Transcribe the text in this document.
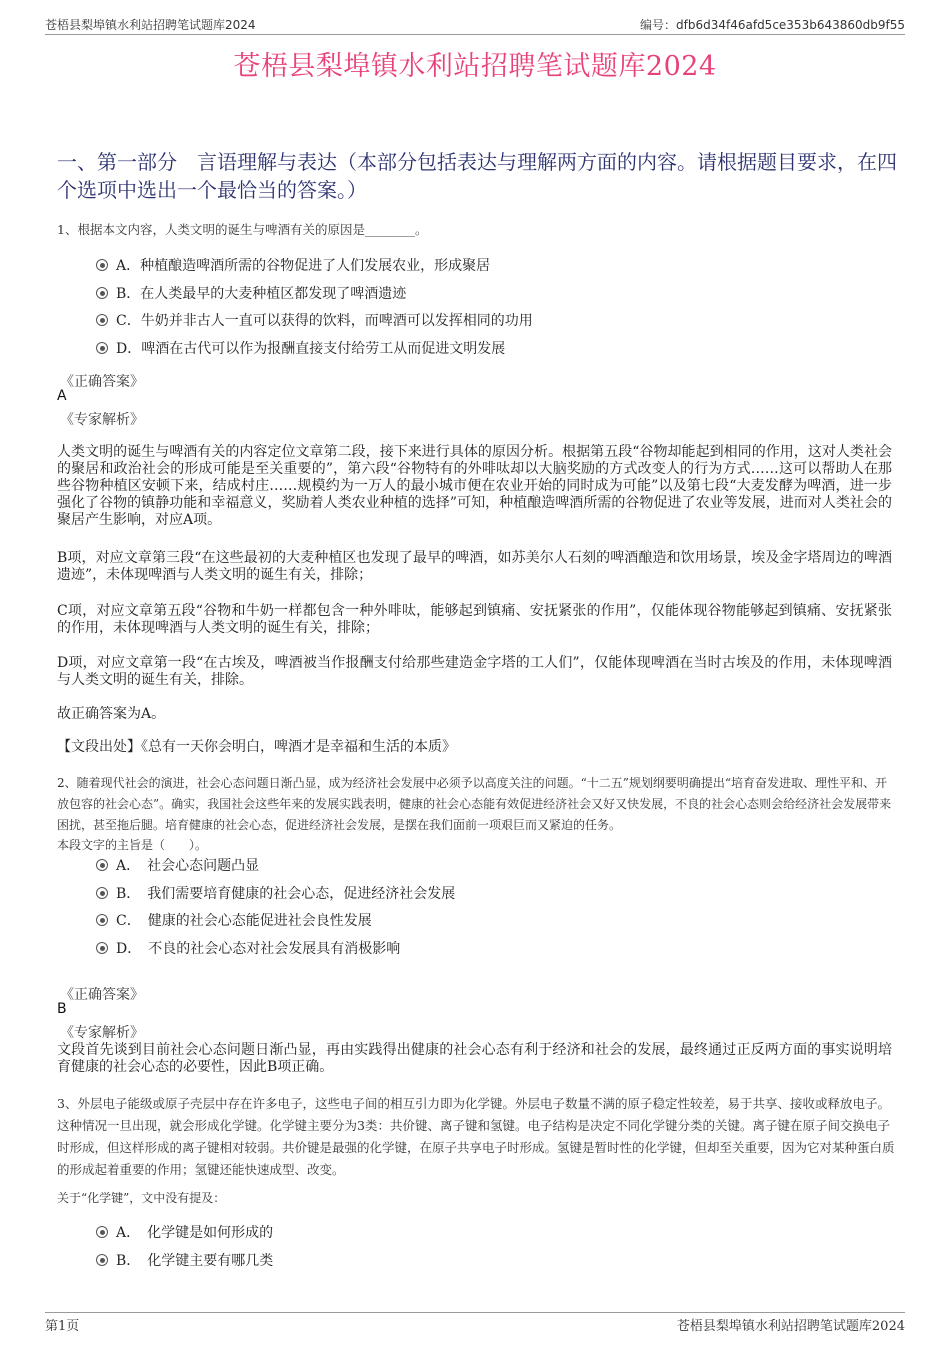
苍梧县梨埠镇水利站招聘笔试题库2024	编号：dfb6d34f46afd5ce353b643860db9f55
苍梧县梨埠镇水利站招聘笔试题库2024
一、第一部分　言语理解与表达（本部分包括表达与理解两方面的内容。请根据题目要求，在四个选项中选出一个最恰当的答案。）
1、根据本文内容，人类文明的诞生与啤酒有关的原因是________。
A．种植酿造啤酒所需的谷物促进了人们发展农业，形成聚居
B．在人类最早的大麦种植区都发现了啤酒遗迹
C．牛奶并非古人一直可以获得的饮料，而啤酒可以发挥相同的功用
D．啤酒在古代可以作为报酬直接支付给劳工从而促进文明发展
《正确答案》
A
《专家解析》
人类文明的诞生与啤酒有关的内容定位文章第二段，接下来进行具体的原因分析。根据第五段“谷物却能起到相同的作用，这对人类社会的聚居和政治社会的形成可能是至关重要的”，第六段“谷物特有的外啡呔却以大脑奖励的方式改变人的行为方式……这可以帮助人在那些谷物种植区安顿下来，结成村庄……规模约为一万人的最小城市便在农业开始的同时成为可能”以及第七段“大麦发酵为啤酒，进一步强化了谷物的镇静功能和幸福意义，奖励着人类农业种植的选择”可知，种植酿造啤酒所需的谷物促进了农业等发展，进而对人类社会的聚居产生影响，对应A项。
B项，对应文章第三段“在这些最初的大麦种植区也发现了最早的啤酒，如苏美尔人石刻的啤酒酿造和饮用场景，埃及金字塔周边的啤酒遗迹”，未体现啤酒与人类文明的诞生有关，排除；
C项，对应文章第五段“谷物和牛奶一样都包含一种外啡呔，能够起到镇痛、安抚紧张的作用”，仅能体现谷物能够起到镇痛、安抚紧张的作用，未体现啤酒与人类文明的诞生有关，排除；
D项，对应文章第一段“在古埃及，啤酒被当作报酬支付给那些建造金字塔的工人们”，仅能体现啤酒在当时古埃及的作用，未体现啤酒与人类文明的诞生有关，排除。
故正确答案为A。
【文段出处】《总有一天你会明白，啤酒才是幸福和生活的本质》
2、随着现代社会的演进，社会心态问题日渐凸显，成为经济社会发展中必须予以高度关注的问题。“十二五”规划纲要明确提出“培育奋发进取、理性平和、开放包容的社会心态”。确实，我国社会这些年来的发展实践表明，健康的社会心态能有效促进经济社会又好又快发展，不良的社会心态则会给经济社会发展带来困扰，甚至拖后腿。培育健康的社会心态，促进经济社会发展，是摆在我们面前一项艰巨而又紧迫的任务。
本段文字的主旨是（　　）。
A．　社会心态问题凸显
B．　我们需要培育健康的社会心态，促进经济社会发展
C．　健康的社会心态能促进社会良性发展
D．　不良的社会心态对社会发展具有消极影响
《正确答案》
B
《专家解析》
文段首先谈到目前社会心态问题日渐凸显，再由实践得出健康的社会心态有利于经济和社会的发展，最终通过正反两方面的事实说明培育健康的社会心态的必要性，因此B项正确。
3、外层电子能级或原子壳层中存在许多电子，这些电子间的相互引力即为化学键。外层电子数量不满的原子稳定性较差，易于共享、接收或释放电子。这种情况一旦出现，就会形成化学键。化学键主要分为3类：共价键、离子键和氢键。电子结构是决定不同化学键分类的关键。离子键在原子间交换电子时形成，但这样形成的离子键相对较弱。共价键是最强的化学键，在原子共享电子时形成。氢键是暂时性的化学键，但却至关重要，因为它对某种蛋白质的形成起着重要的作用；氢键还能快速成型、改变。
关于“化学键”，文中没有提及：
A．　化学键是如何形成的
B．　化学键主要有哪几类
第1页	苍梧县梨埠镇水利站招聘笔试题库2024
